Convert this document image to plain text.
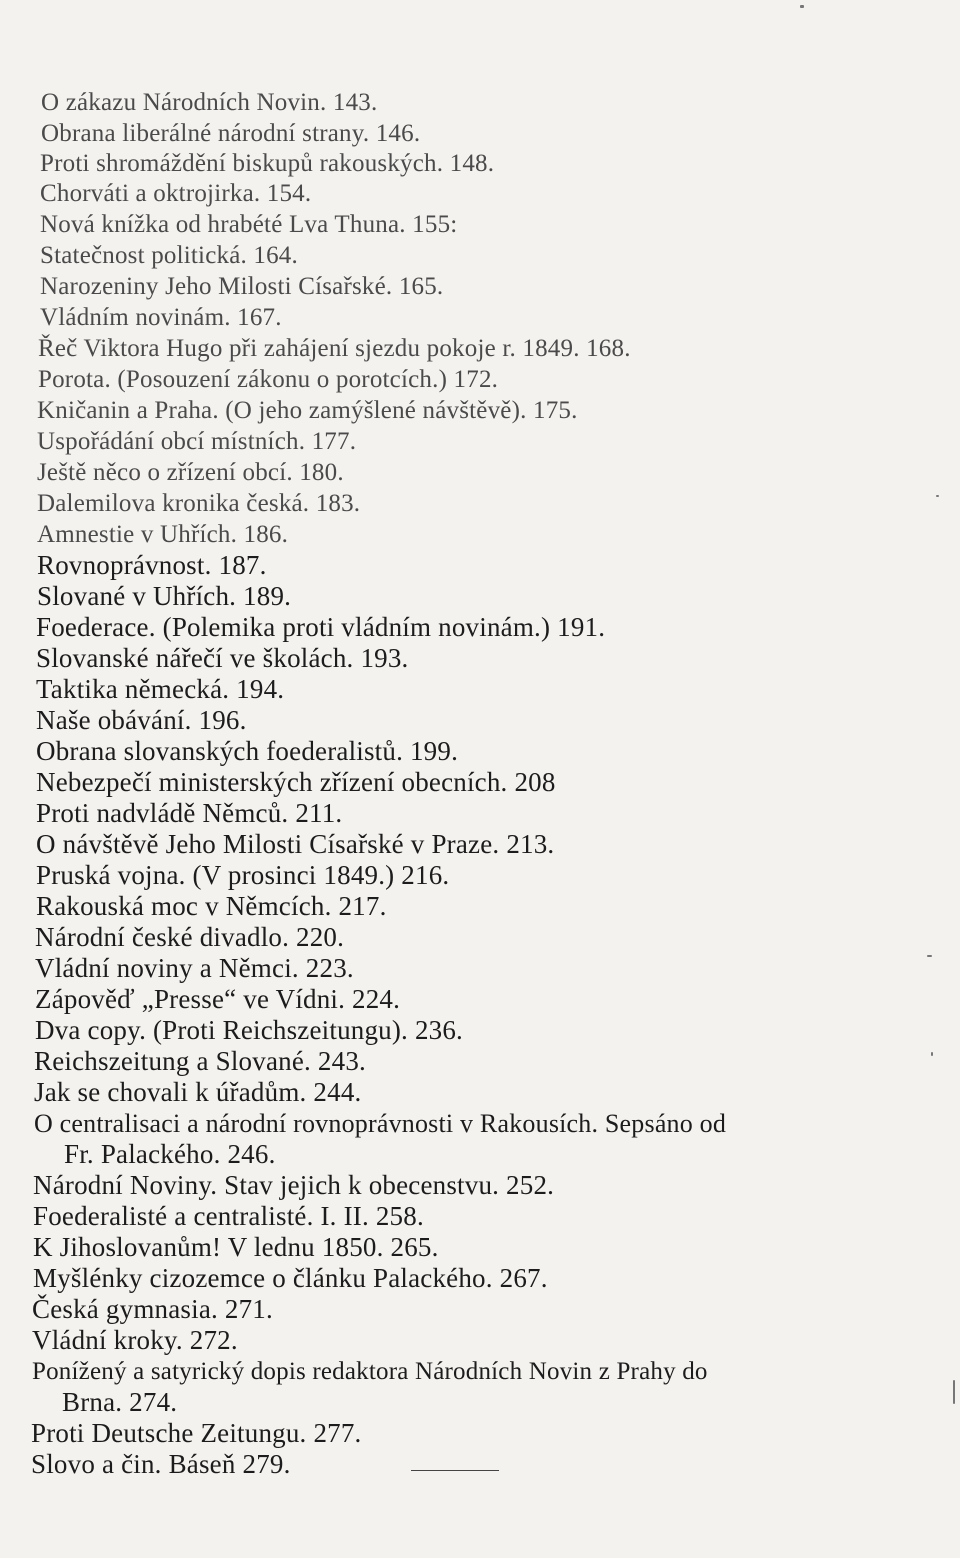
O zákazu Národních Novin. 143.
Obrana liberálné národní strany. 146.
Proti shromáždění biskupů rakouských. 148.
Chorváti a oktrojirka. 154.
Nová knížka od hrabété Lva Thuna. 155:
Statečnost politická. 164.
Narozeniny Jeho Milosti Císařské. 165.
Vládním novinám. 167.
Řeč Viktora Hugo při zahájení sjezdu pokoje r. 1849. 168.
Porota. (Posouzení zákonu o porotcích.) 172.
Kničanin a Praha. (O jeho zamýšlené návštěvě). 175.
Uspořádání obcí místních. 177.
Ještě něco o zřízení obcí. 180.
Dalemilova kronika česká. 183.
Amnestie v Uhřích. 186.
Rovnoprávnost. 187.
Slované v Uhřích. 189.
Foederace. (Polemika proti vládním novinám.) 191.
Slovanské nářečí ve školách. 193.
Taktika německá. 194.
Naše obávání. 196.
Obrana slovanských foederalistů. 199.
Nebezpečí ministerských zřízení obecních. 208
Proti nadvládě Němců. 211.
O návštěvě Jeho Milosti Císařské v Praze. 213.
Pruská vojna. (V prosinci 1849.) 216.
Rakouská moc v Němcích. 217.
Národní české divadlo. 220.
Vládní noviny a Němci. 223.
Zápověď „Presse“ ve Vídni. 224.
Dva copy. (Proti Reichszeitungu). 236.
Reichszeitung a Slované. 243.
Jak se chovali k úřadům. 244.
O centralisaci a národní rovnoprávnosti v Rakousích. Sepsáno od
Fr. Palackého. 246.
Národní Noviny. Stav jejich k obecenstvu. 252.
Foederalisté a centralisté. I. II. 258.
K Jihoslovanům! V lednu 1850. 265.
Myšlénky cizozemce o článku Palackého. 267.
Česká gymnasia. 271.
Vládní kroky. 272.
Ponížený a satyrický dopis redaktora Národních Novin z Prahy do
Brna. 274.
Proti Deutsche Zeitungu. 277.
Slovo a čin. Báseň 279.
